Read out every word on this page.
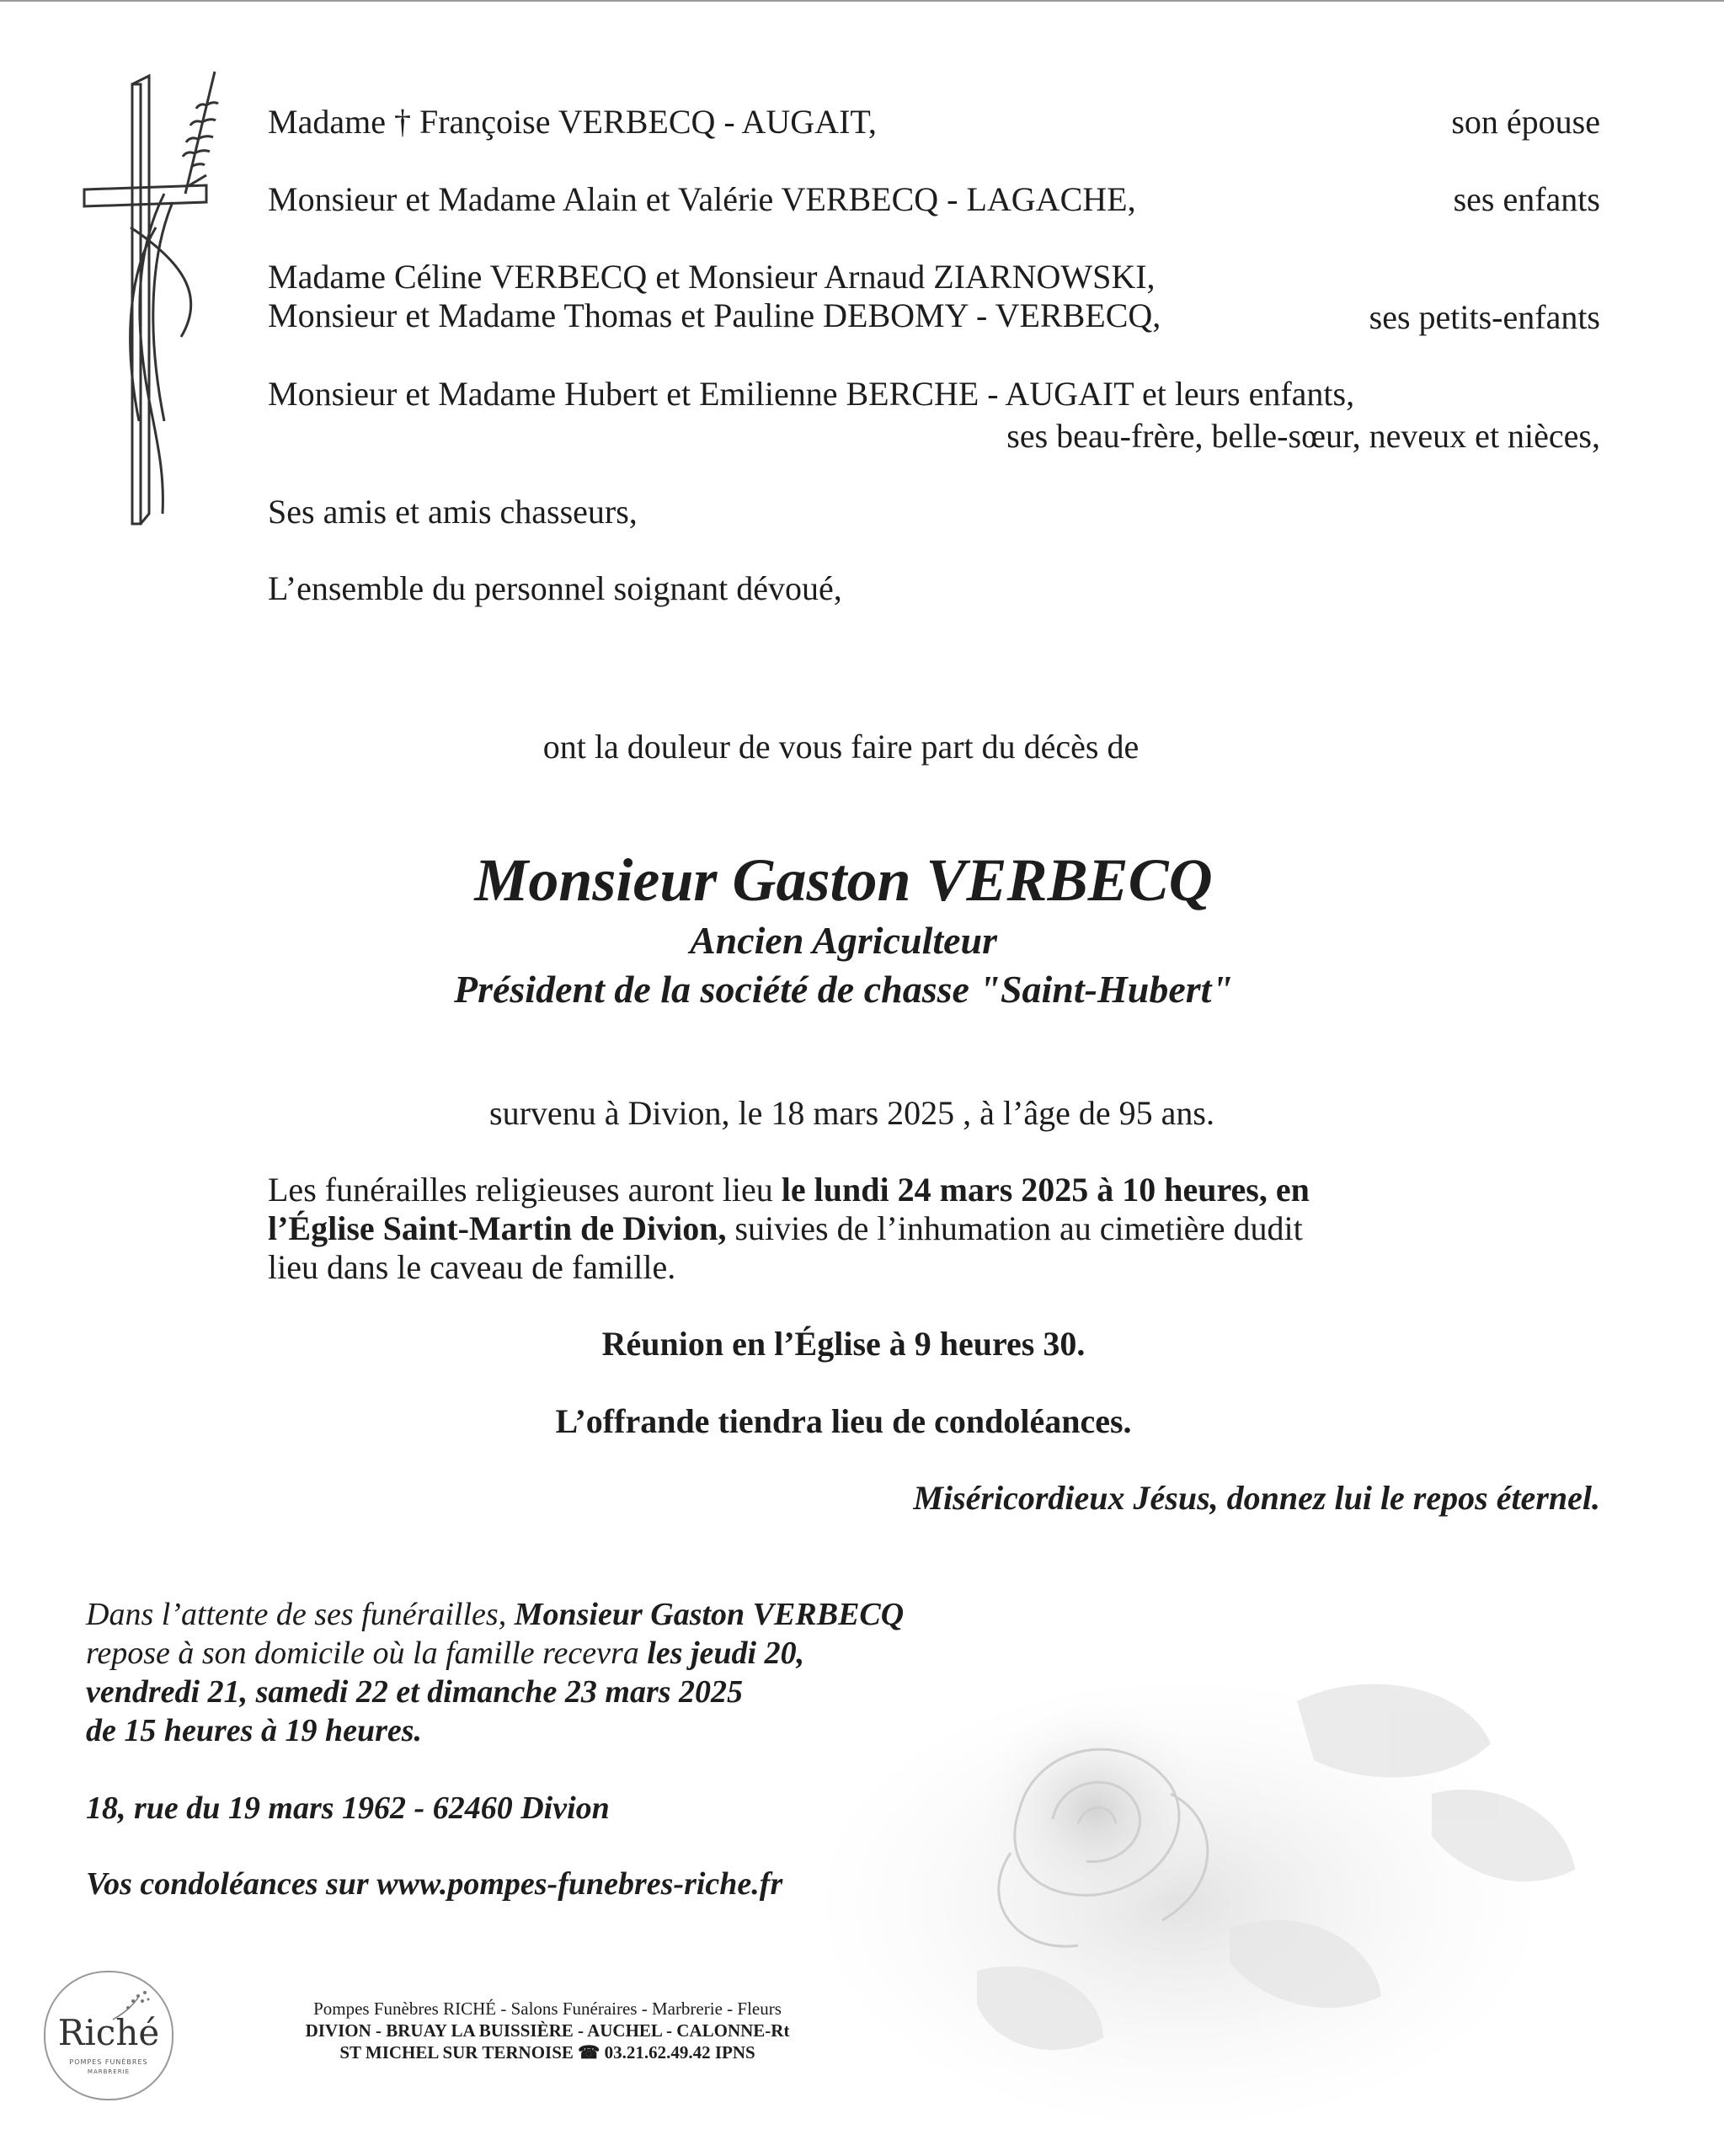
Madame † Françoise VERBECQ - AUGAIT,	son épouse
Monsieur et Madame Alain et Valérie VERBECQ - LAGACHE,	ses enfants
Madame Céline VERBECQ et Monsieur Arnaud ZIARNOWSKI,
Monsieur et Madame Thomas et Pauline DEBOMY - VERBECQ,	ses petits-enfants
Monsieur et Madame Hubert et Emilienne BERCHE - AUGAIT et leurs enfants,
ses beau-frère, belle-sœur, neveux et nièces,
Ses amis et amis chasseurs,
L’ensemble du personnel soignant dévoué,
ont la douleur de vous faire part du décès de
Monsieur Gaston VERBECQ
Ancien Agriculteur
Président de la société de chasse "Saint-Hubert"
survenu à Divion, le 18 mars 2025 , à l’âge de 95 ans.
Les funérailles religieuses auront lieu le lundi 24 mars 2025 à 10 heures, en
l’Église Saint-Martin de Divion, suivies de l’inhumation au cimetière dudit
lieu dans le caveau de famille.
Réunion en l’Église à 9 heures 30.
L’offrande tiendra lieu de condoléances.
Miséricordieux Jésus, donnez lui le repos éternel.
Dans l’attente de ses funérailles, Monsieur Gaston VERBECQ
repose à son domicile où la famille recevra les jeudi 20,
vendredi 21, samedi 22 et dimanche 23 mars 2025
de 15 heures à 19 heures.
18, rue du 19 mars 1962 - 62460 Divion
Vos condoléances sur www.pompes-funebres-riche.fr
Riché
POMPES FUNÈBRES
MARBRERIE
Pompes Funèbres RICHÉ - Salons Funéraires - Marbrerie - Fleurs
DIVION - BRUAY LA BUISSIÈRE - AUCHEL - CALONNE-Rt
ST MICHEL SUR TERNOISE ☎ 03.21.62.49.42 IPNS
